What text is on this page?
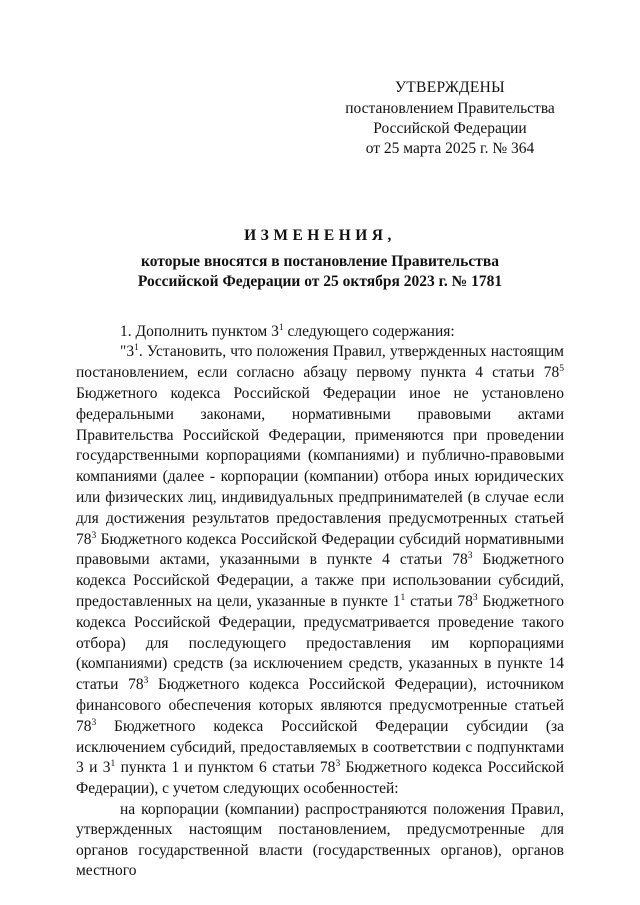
УТВЕРЖДЕНЫ
постановлением Правительства
Российской Федерации
от 25 марта 2025 г. № 364
ИЗМЕНЕНИЯ,
которые вносятся в постановление Правительства
Российской Федерации от 25 октября 2023 г. № 1781

1. Дополнить пунктом $3^1$ следующего содержания:

"$3^1$. Установить, что положения Правил, утвержденных настоящим постановлением, если согласно абзацу первому пункта 4 статьи $78^5$ Бюджетного кодекса Российской Федерации иное не установлено федеральными законами, нормативными правовыми актами Правительства Российской Федерации, применяются при проведении государственными корпорациями (компаниями) и публично-правовыми компаниями (далее - корпорации (компании) отбора иных юридических или физических лиц, индивидуальных предпринимателей (в случае если для достижения результатов предоставления предусмотренных статьей $78^3$ Бюджетного кодекса Российской Федерации субсидий нормативными правовыми актами, указанными в пункте 4 статьи $78^3$ Бюджетного кодекса Российской Федерации, а также при использовании субсидий, предоставленных на цели, указанные в пункте $1^1$ статьи $78^3$ Бюджетного кодекса Российской Федерации, предусматривается проведение такого отбора) для последующего предоставления им корпорациями (компаниями) средств (за исключением средств, указанных в пункте 14 статьи $78^3$ Бюджетного кодекса Российской Федерации), источником финансового обеспечения которых являются предусмотренные статьей $78^3$ Бюджетного кодекса Российской Федерации субсидии (за исключением субсидий, предоставляемых в соответствии с подпунктами 3 и $3^1$ пункта 1 и пунктом 6 статьи $78^3$ Бюджетного кодекса Российской Федерации), с учетом следующих особенностей:

на корпорации (компании) распространяются положения Правил, утвержденных настоящим постановлением, предусмотренные для органов государственной власти (государственных органов), органов местного
